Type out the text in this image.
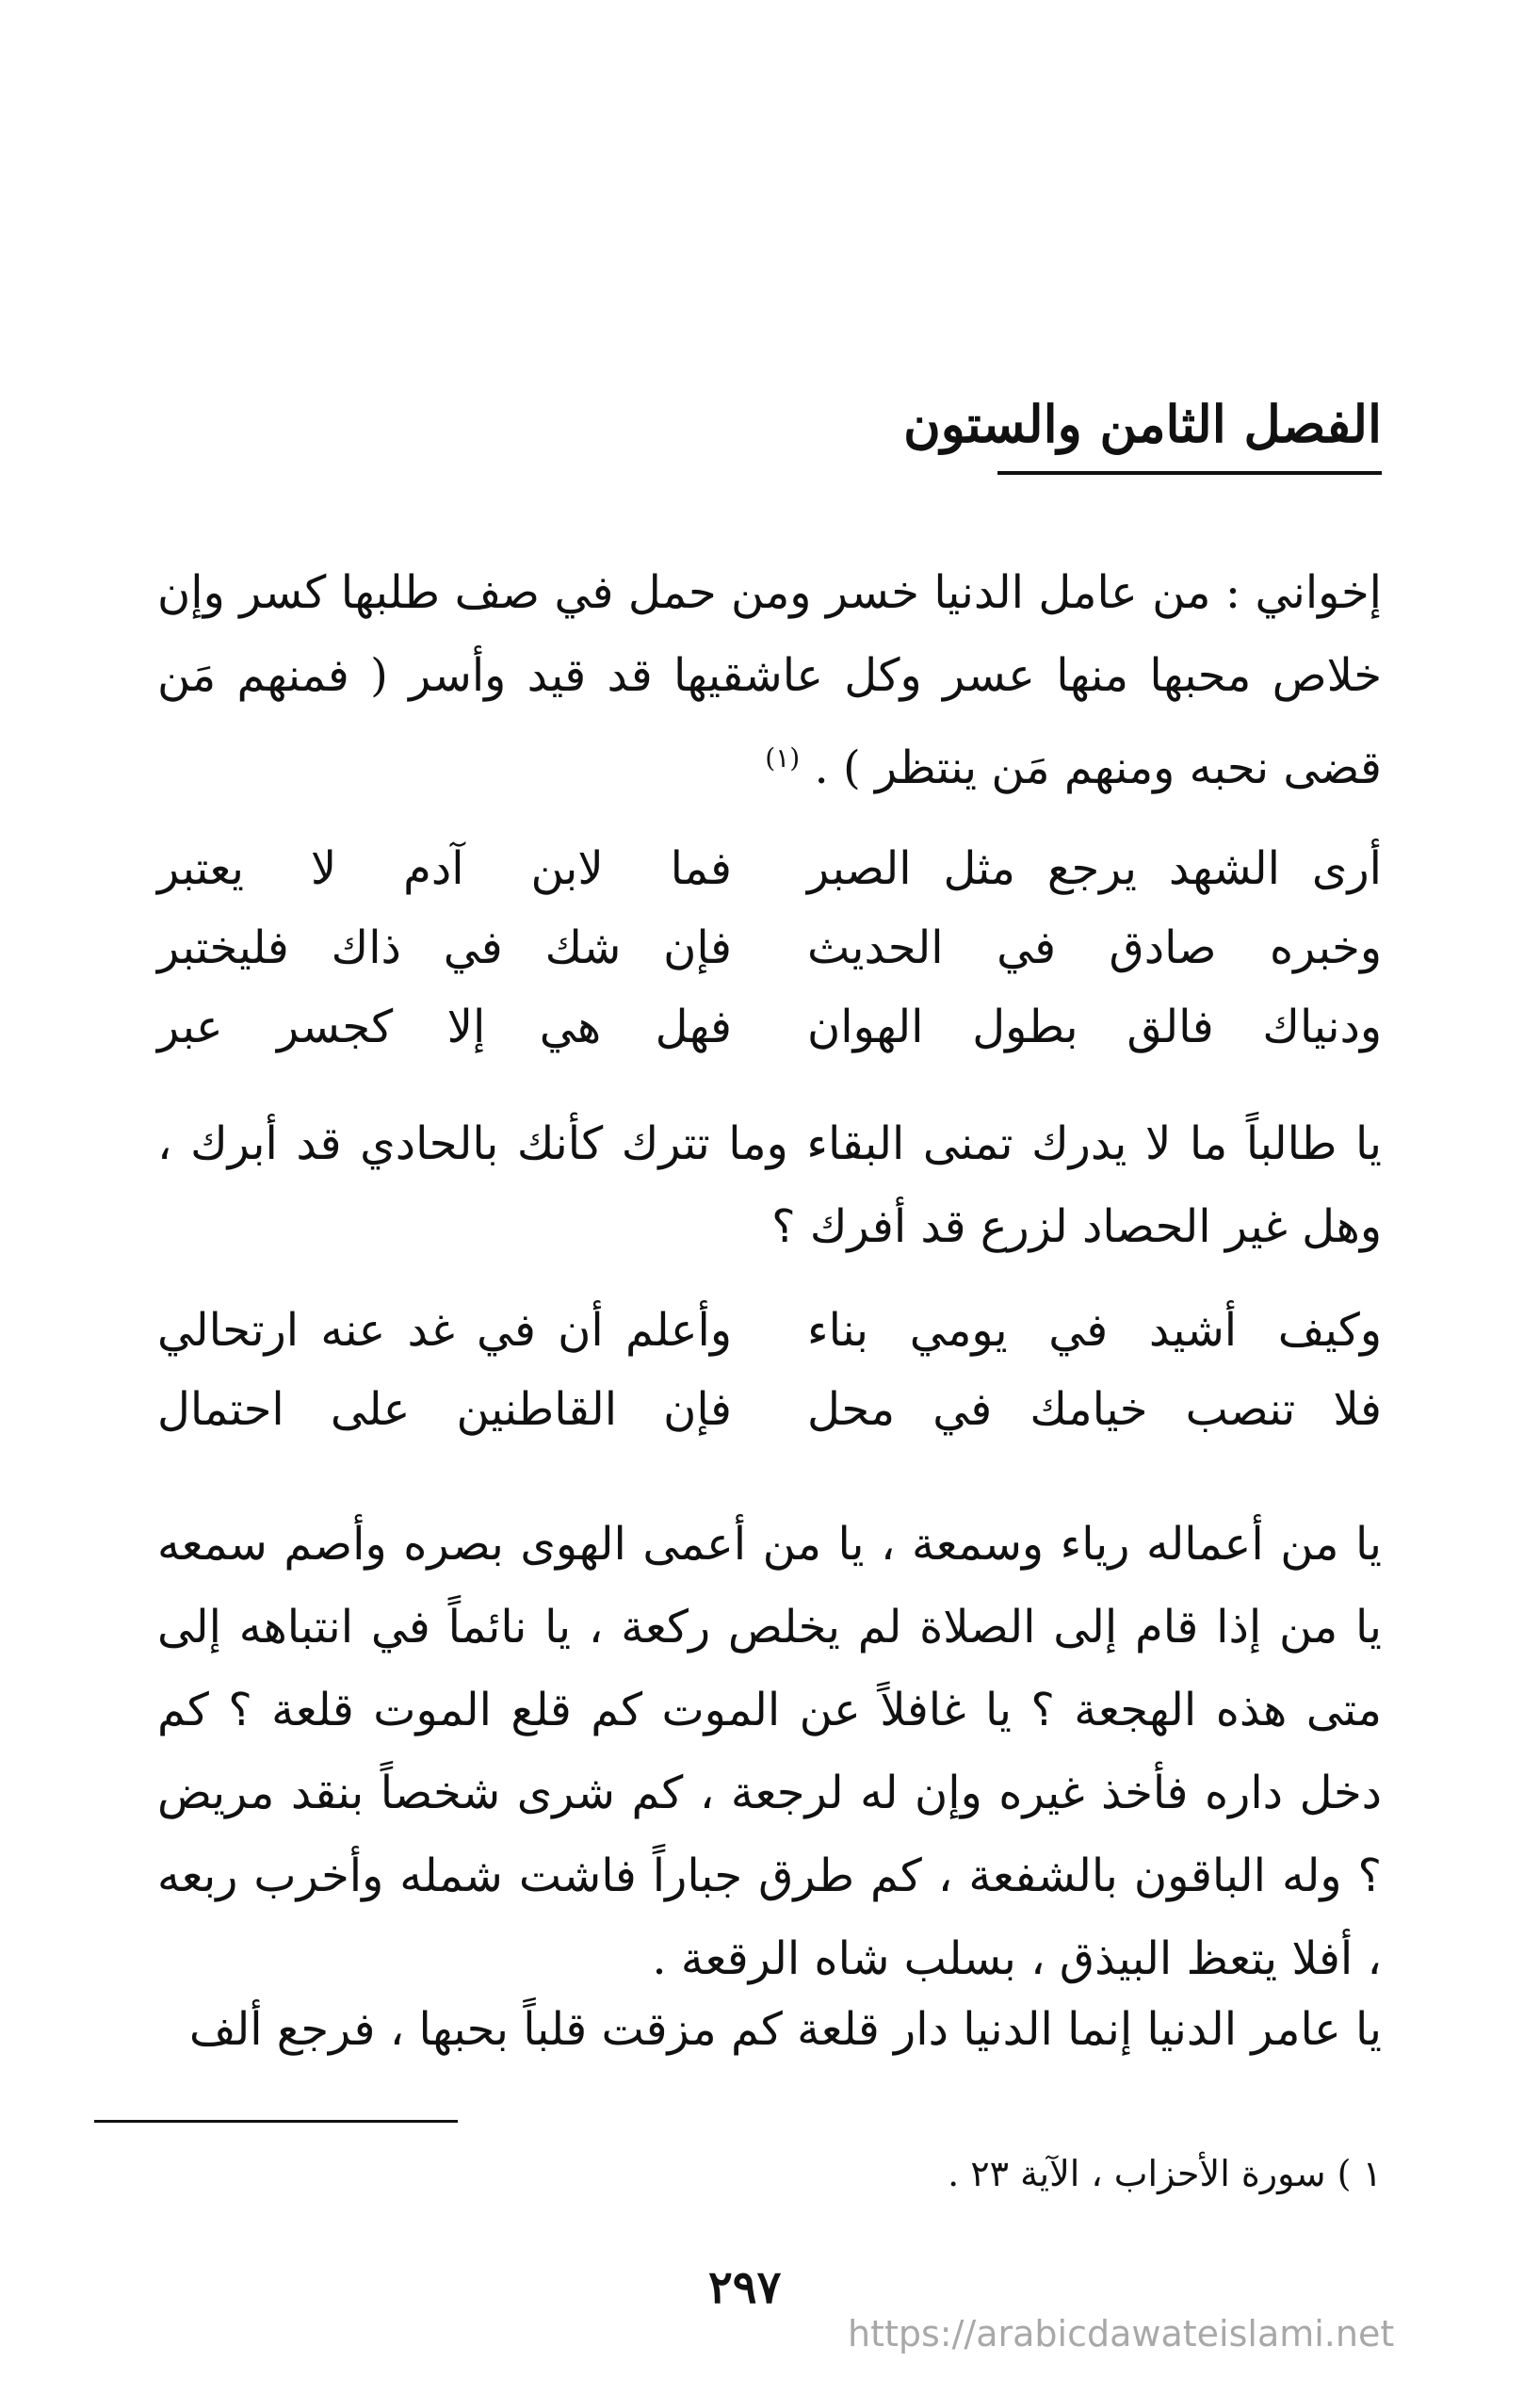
الفصل الثامن والستون
إخواني : من عامل الدنيا خسر ومن حمل في صف طلبها كسر وإن خلاص محبها منها عسر وكل عاشقيها قد قيد وأسر ( فمنهم مَن قضى نحبه ومنهم مَن ينتظر ) . $^{(١)}$
أرى الشهد يرجع مثل الصبر
فما لابن آدم لا يعتبر
وخبره صادق في الحديث
فإن شك في ذاك فليختبر
ودنياك فالق بطول الهوان
فهل هي إلا كجسر عبر
يا طالباً ما لا يدرك تمنى البقاء وما تترك كأنك بالحادي قد أبرك ، وهل غير الحصاد لزرع قد أفرك ؟
وكيف أشيد في يومي بناء
وأعلم أن في غد عنه ارتحالي
فلا تنصب خيامك في محل
فإن القاطنين على احتمال
يا من أعماله رياء وسمعة ، يا من أعمى الهوى بصره وأصم سمعه يا من إذا قام إلى الصلاة لم يخلص ركعة ، يا نائماً في انتباهه إلى متى هذه الهجعة ؟ يا غافلاً عن الموت كم قلع الموت قلعة ؟ كم دخل داره فأخذ غيره وإن له لرجعة ، كم شرى شخصاً بنقد مريض ؟ وله الباقون بالشفعة ، كم طرق جباراً فاشت شمله وأخرب ربعه ، أفلا يتعظ البيذق ، بسلب شاه الرقعة .
يا عامر الدنيا إنما الدنيا دار قلعة كم مزقت قلباً بحبها ، فرجع ألف
١ ) سورة الأحزاب ، الآية ٢٣ .
٢٩٧
https://arabicdawateislami.net
